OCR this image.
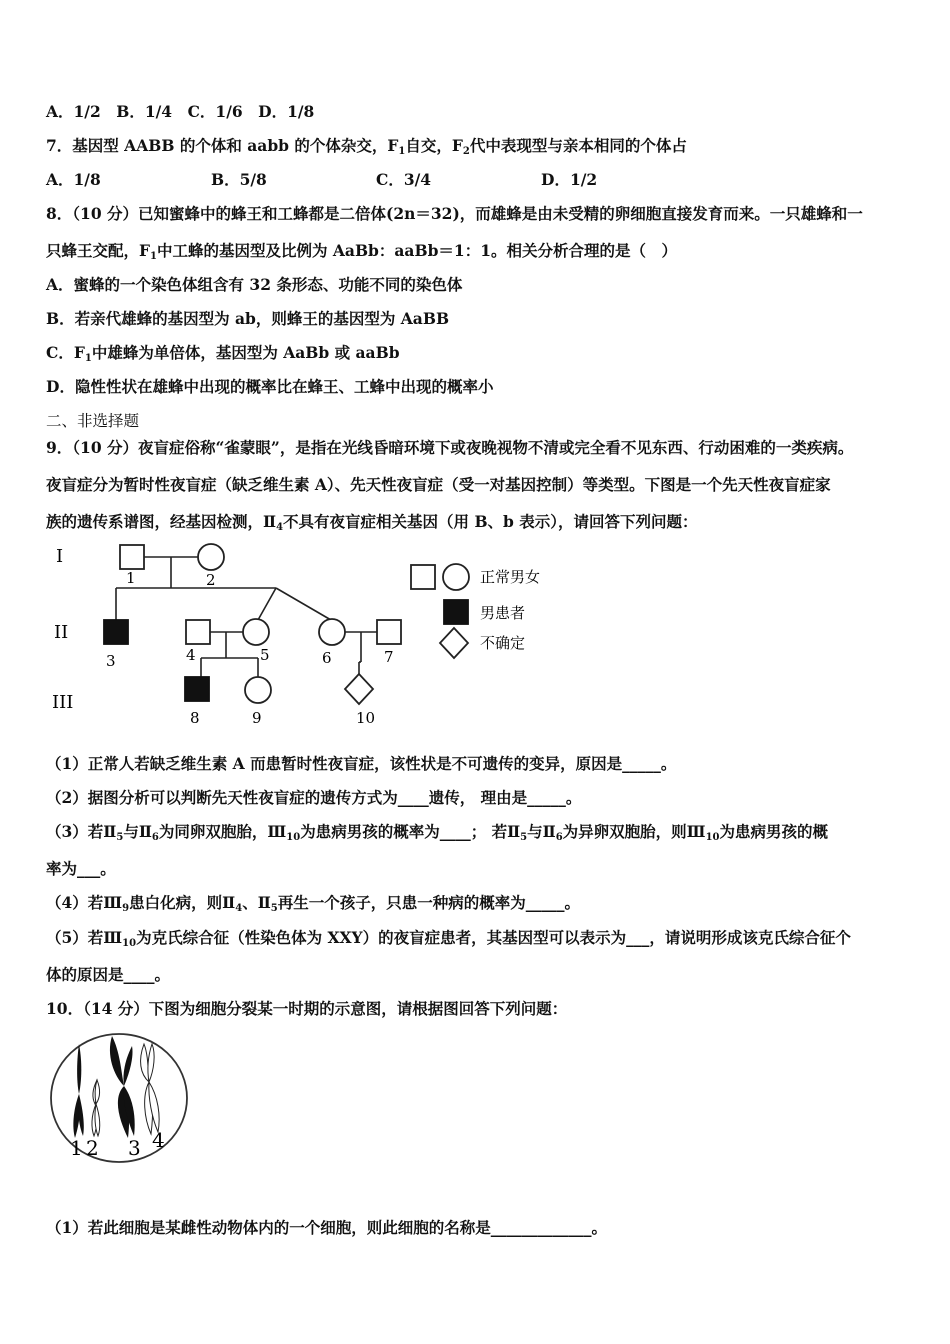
A．1/2　B．1/4　C．1/6　D．1/8
7．基因型 AABB 的个体和 aabb 的个体杂交，$F_1$自交，$F_2$代中表现型与亲本相同的个体占
A．1/8	B．5/8	C．3/4	D．1/2
8．（10 分）已知蜜蜂中的蜂王和工蜂都是二倍体(2n＝32)，而雄蜂是由未受精的卵细胞直接发育而来。一只雄蜂和一
只蜂王交配，$F_1$中工蜂的基因型及比例为 AaBb：aaBb＝1：1。相关分析合理的是（　）
A．蜜蜂的一个染色体组含有 32 条形态、功能不同的染色体
B．若亲代雄蜂的基因型为 ab，则蜂王的基因型为 AaBB
C．$F_1$中雄蜂为单倍体，基因型为 AaBb 或 aaBb
D．隐性性状在雄蜂中出现的概率比在蜂王、工蜂中出现的概率小
二、非选择题
9．（10 分）夜盲症俗称“雀蒙眼”，是指在光线昏暗环境下或夜晚视物不清或完全看不见东西、行动困难的一类疾病。
夜盲症分为暂时性夜盲症（缺乏维生素 A）、先天性夜盲症（受一对基因控制）等类型。下图是一个先天性夜盲症家
族的遗传系谱图，经基因检测，$Ⅱ_4$不具有夜盲症相关基因（用 B、b 表示），请回答下列问题：
I
II
III
1	2
3	4	5	6	7
8	9	10
正常男女
男患者
不确定
（1）正常人若缺乏维生素 A 而患暂时性夜盲症，该性状是不可遗传的变异，原因是_____。
（2）据图分析可以判断先天性夜盲症的遗传方式为____遗传， 理由是_____。
（3）若$Ⅱ_5$与$Ⅱ_6$为同卵双胞胎，$Ⅲ_{10}$为患病男孩的概率为____； 若$Ⅱ_5$与$Ⅱ_6$为异卵双胞胎，则$Ⅲ_{10}$为患病男孩的概
率为___。
（4）若$Ⅲ_9$患白化病，则$Ⅱ_4$、$Ⅱ_5$再生一个孩子，只患一种病的概率为_____。
（5）若$Ⅲ_{10}$为克氏综合征（性染色体为 XXY）的夜盲症患者，其基因型可以表示为___，请说明形成该克氏综合征个
体的原因是____。
10．（14 分）下图为细胞分裂某一时期的示意图，请根据图回答下列问题：
1 2 3 4
（1）若此细胞是某雌性动物体内的一个细胞，则此细胞的名称是_____________。
